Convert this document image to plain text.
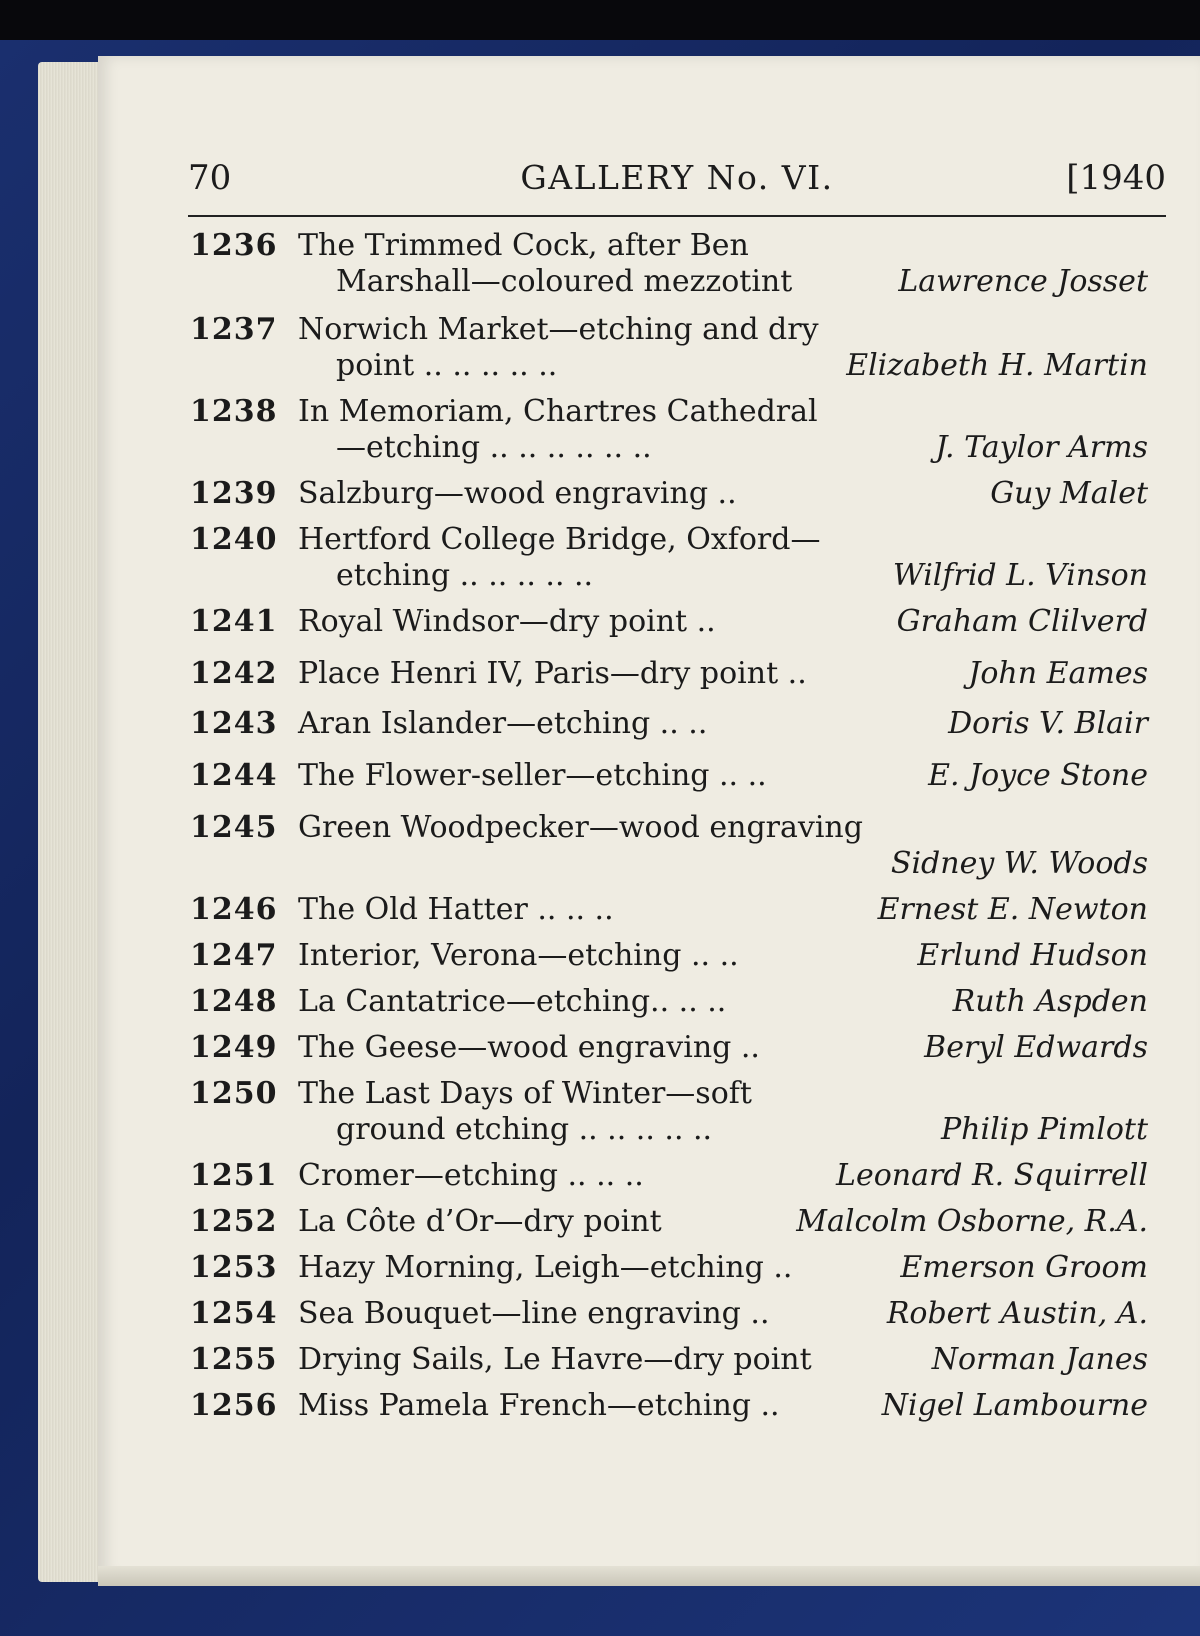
70	GALLERY No. VI.	[1940
1236 The Trimmed Cock, after Ben
Marshall—coloured mezzotint	Lawrence Josset
1237 Norwich Market—etching and dry
point .. .. .. .. ..	Elizabeth H. Martin
1238 In Memoriam, Chartres Cathedral
—etching .. .. .. .. .. ..	J. Taylor Arms
1239 Salzburg—wood engraving ..	Guy Malet
1240 Hertford College Bridge, Oxford—
etching .. .. .. .. ..	Wilfrid L. Vinson
1241 Royal Windsor—dry point ..	Graham Clilverd
1242 Place Henri IV, Paris—dry point ..	John Eames
1243 Aran Islander—etching .. ..	Doris V. Blair
1244 The Flower-seller—etching .. ..	E. Joyce Stone
1245 Green Woodpecker—wood engraving
Sidney W. Woods
1246 The Old Hatter .. .. ..	Ernest E. Newton
1247 Interior, Verona—etching .. ..	Erlund Hudson
1248 La Cantatrice—etching.. .. ..	Ruth Aspden
1249 The Geese—wood engraving ..	Beryl Edwards
1250 The Last Days of Winter—soft
ground etching .. .. .. .. ..	Philip Pimlott
1251 Cromer—etching .. .. ..	Leonard R. Squirrell
1252 La Côte d’Or—dry point	Malcolm Osborne, R.A.
1253 Hazy Morning, Leigh—etching ..	Emerson Groom
1254 Sea Bouquet—line engraving ..	Robert Austin, A.
1255 Drying Sails, Le Havre—dry point	Norman Janes
1256 Miss Pamela French—etching ..	Nigel Lambourne
